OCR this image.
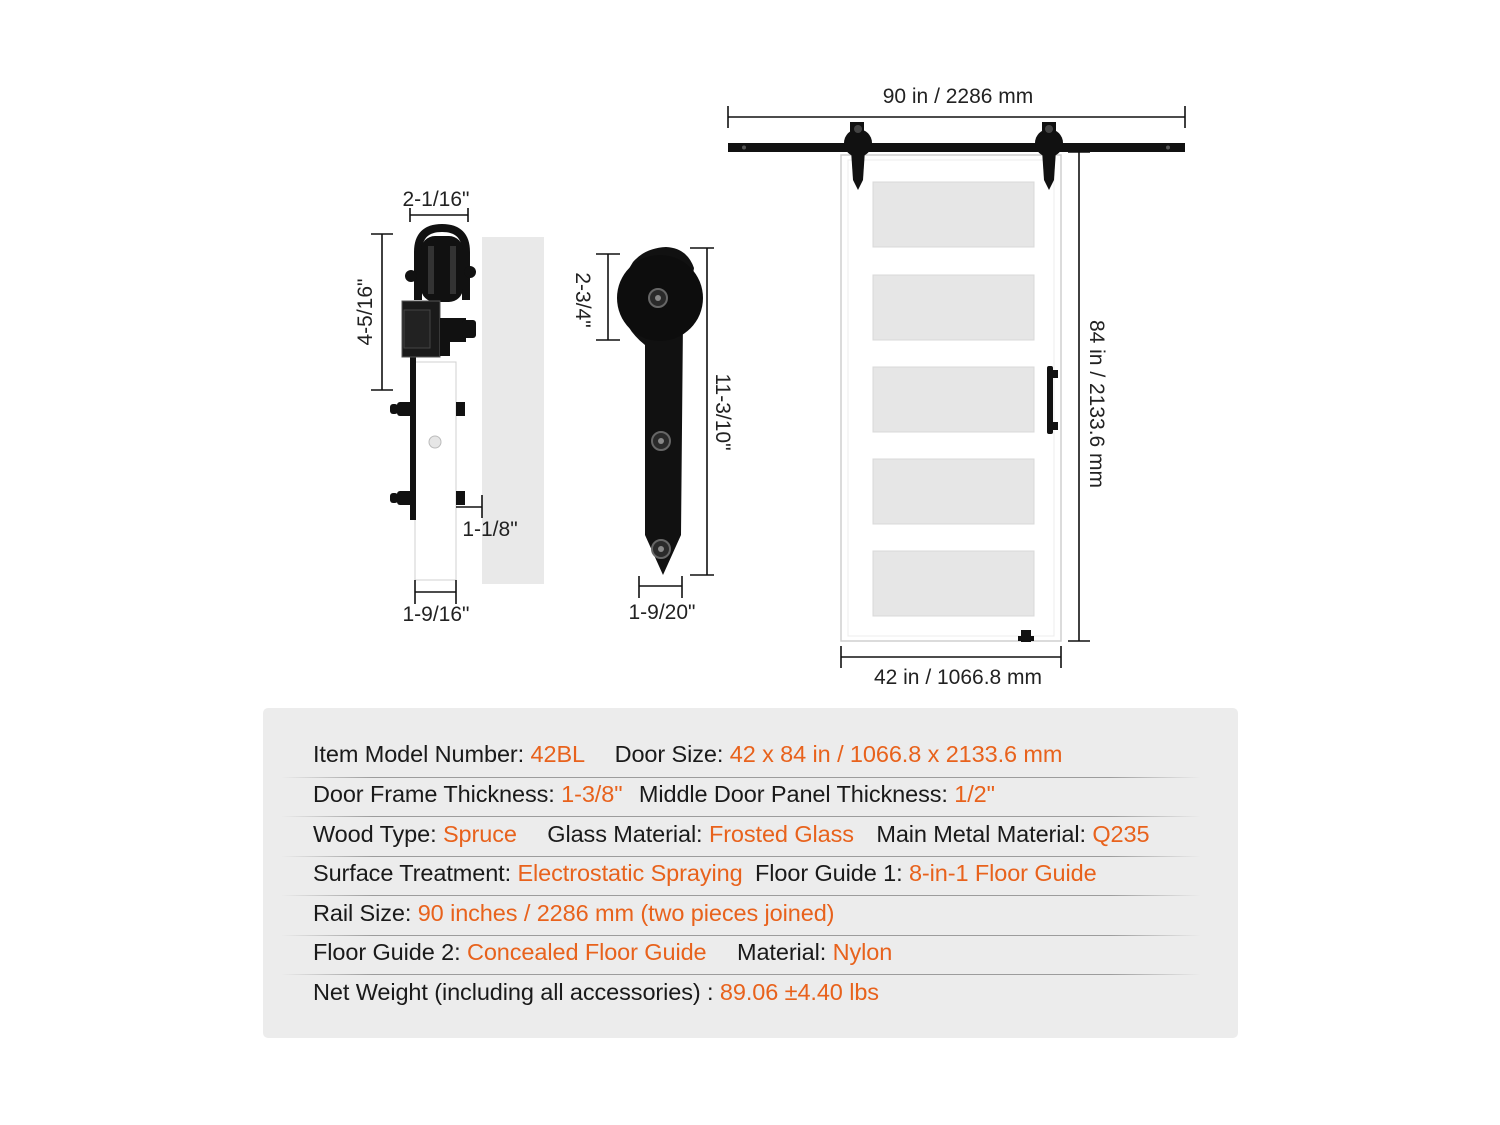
2-1/16"
4-5/16"
1-1/8"
1-9/16"
2-3/4"
11-3/10"
1-9/20"
90 in / 2286 mm
84 in / 2133.6 mm
42 in / 1066.8 mm
Item Model Number: 42BL Door Size: 42 x 84 in / 1066.8 x 2133.6 mm
Door Frame Thickness: 1-3/8" Middle Door Panel Thickness: 1/2"
Wood Type: Spruce Glass Material: Frosted Glass Main Metal Material: Q235
Surface Treatment: Electrostatic Spraying Floor Guide 1: 8-in-1 Floor Guide
Rail Size: 90 inches / 2286 mm (two pieces joined)
Floor Guide 2: Concealed Floor Guide Material: Nylon
Net Weight (including all accessories) : 89.06 ±4.40 lbs
